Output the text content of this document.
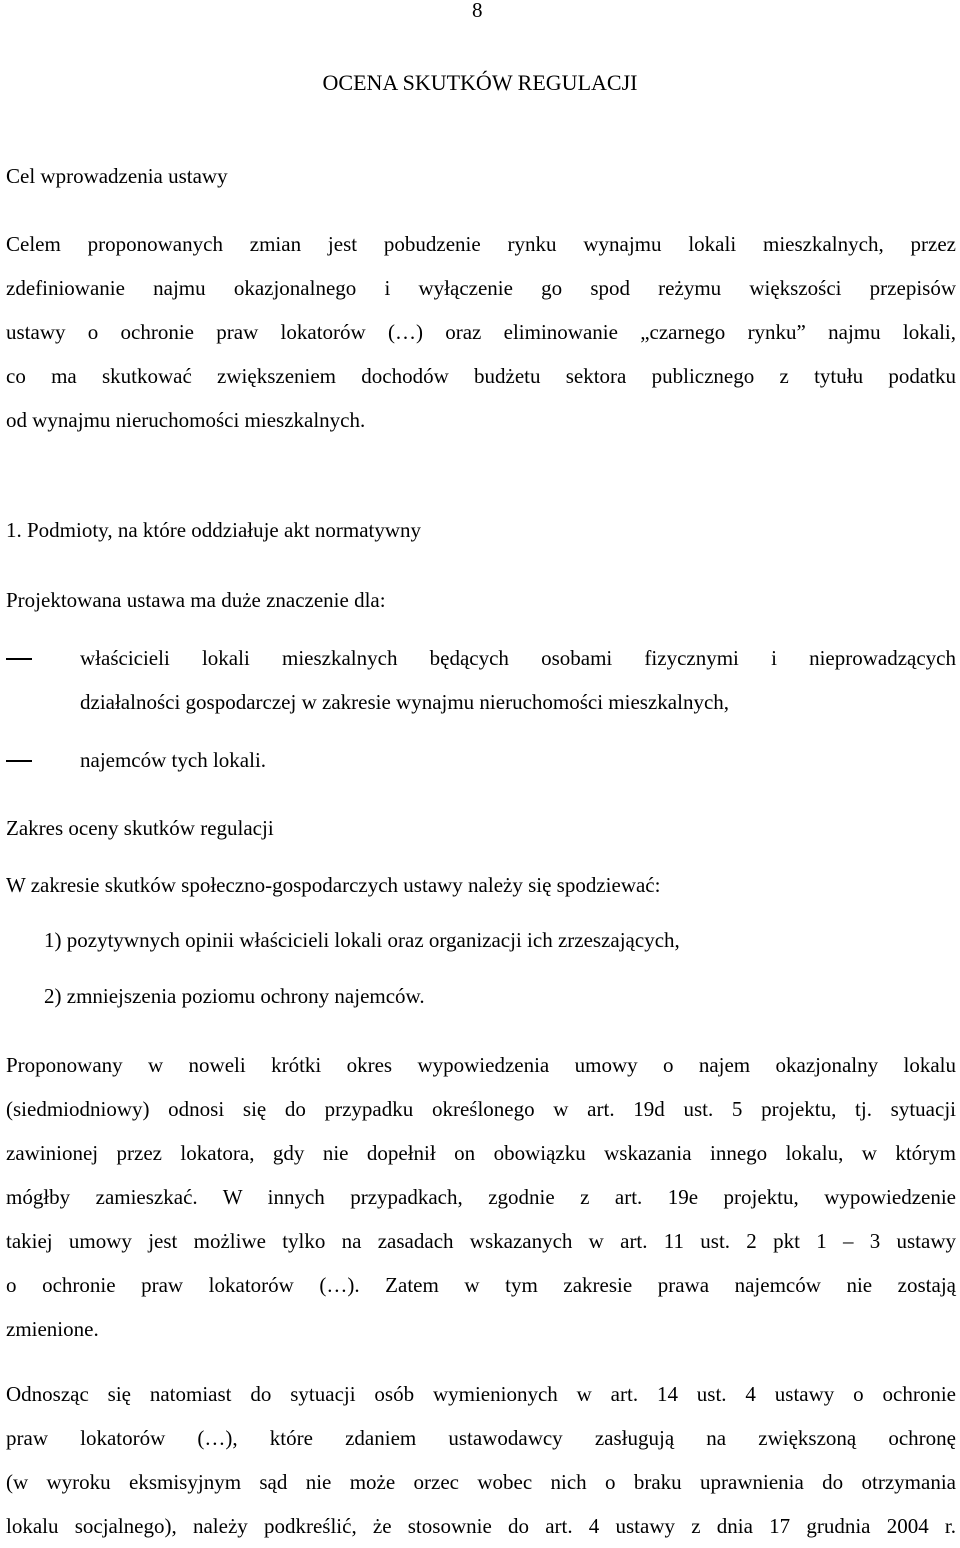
8
OCENA SKUTKÓW REGULACJI
Cel wprowadzenia ustawy
Celem proponowanych zmian jest pobudzenie rynku wynajmu lokali mieszkalnych, przez
zdefiniowanie najmu okazjonalnego i wyłączenie go spod reżymu większości przepisów
ustawy o ochronie praw lokatorów (…) oraz eliminowanie „czarnego rynku” najmu lokali,
co ma skutkować zwiększeniem dochodów budżetu sektora publicznego z tytułu podatku
od wynajmu nieruchomości mieszkalnych.
1. Podmioty, na które oddziałuje akt normatywny
Projektowana ustawa ma duże znaczenie dla:
właścicieli lokali mieszkalnych będących osobami fizycznymi i nieprowadzących
działalności gospodarczej w zakresie wynajmu nieruchomości mieszkalnych,
najemców tych lokali.
Zakres oceny skutków regulacji
W zakresie skutków społeczno-gospodarczych ustawy należy się spodziewać:
1) pozytywnych opinii właścicieli lokali oraz organizacji ich zrzeszających,
2) zmniejszenia poziomu ochrony najemców.
Proponowany w noweli krótki okres wypowiedzenia umowy o najem okazjonalny lokalu
(siedmiodniowy) odnosi się do przypadku określonego w art. 19d ust. 5 projektu, tj. sytuacji
zawinionej przez lokatora, gdy nie dopełnił on obowiązku wskazania innego lokalu, w którym
mógłby zamieszkać. W innych przypadkach, zgodnie z art. 19e projektu, wypowiedzenie
takiej umowy jest możliwe tylko na zasadach wskazanych w art. 11 ust. 2 pkt 1 – 3 ustawy
o ochronie praw lokatorów (…). Zatem w tym zakresie prawa najemców nie zostają
zmienione.
Odnosząc się natomiast do sytuacji osób wymienionych w art. 14 ust. 4 ustawy o ochronie
praw lokatorów (…), które zdaniem ustawodawcy zasługują na zwiększoną ochronę
(w wyroku eksmisyjnym sąd nie może orzec wobec nich o braku uprawnienia do otrzymania
lokalu socjalnego), należy podkreślić, że stosownie do art. 4 ustawy z dnia 17 grudnia 2004 r.
